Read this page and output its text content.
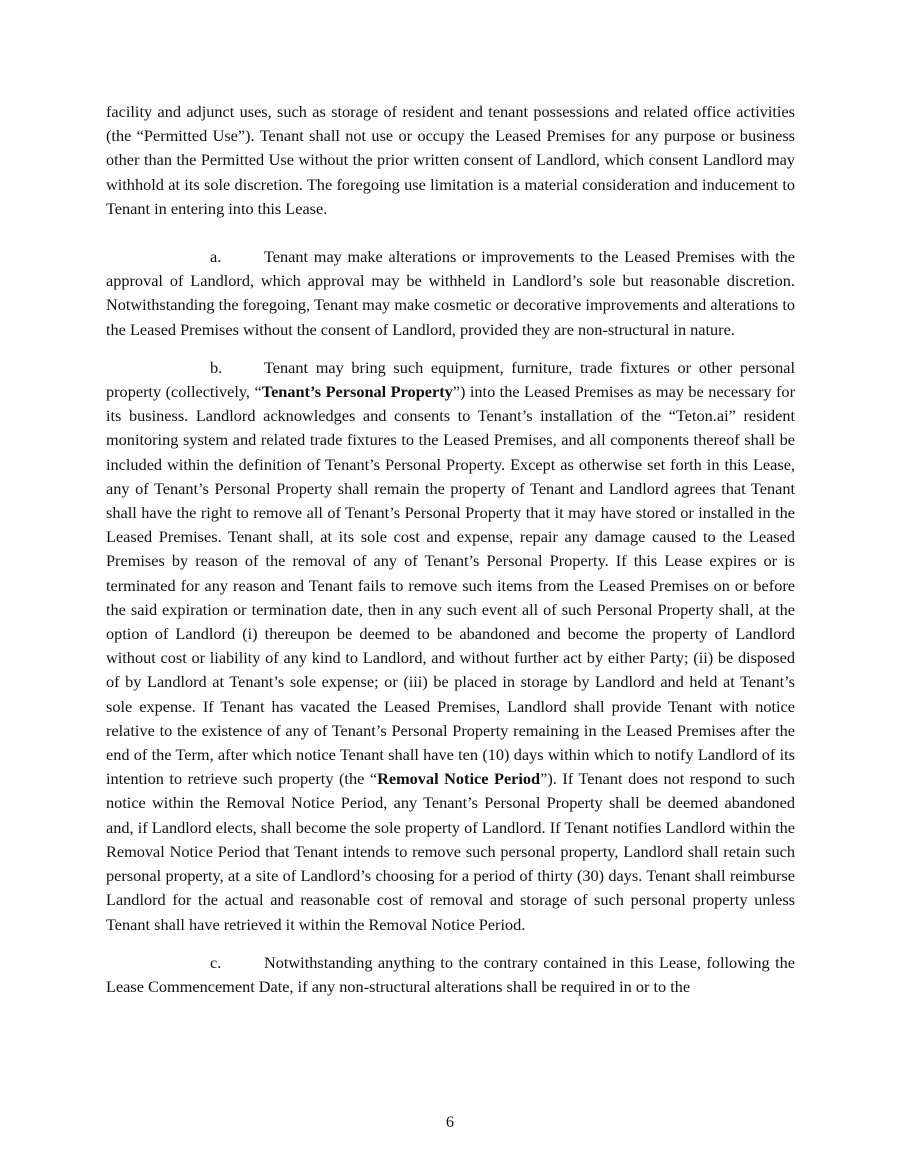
facility and adjunct uses, such as storage of resident and tenant possessions and related office activities (the “Permitted Use”). Tenant shall not use or occupy the Leased Premises for any purpose or business other than the Permitted Use without the prior written consent of Landlord, which consent Landlord may withhold at its sole discretion. The foregoing use limitation is a material consideration and inducement to Tenant in entering into this Lease.

a.	Tenant may make alterations or improvements to the Leased Premises with the approval of Landlord, which approval may be withheld in Landlord’s sole but reasonable discretion. Notwithstanding the foregoing, Tenant may make cosmetic or decorative improvements and alterations to the Leased Premises without the consent of Landlord, provided they are non-structural in nature.

b.	Tenant may bring such equipment, furniture, trade fixtures or other personal property (collectively, “Tenant’s Personal Property”) into the Leased Premises as may be necessary for its business. Landlord acknowledges and consents to Tenant’s installation of the “Teton.ai” resident monitoring system and related trade fixtures to the Leased Premises, and all components thereof shall be included within the definition of Tenant’s Personal Property. Except as otherwise set forth in this Lease, any of Tenant’s Personal Property shall remain the property of Tenant and Landlord agrees that Tenant shall have the right to remove all of Tenant’s Personal Property that it may have stored or installed in the Leased Premises. Tenant shall, at its sole cost and expense, repair any damage caused to the Leased Premises by reason of the removal of any of Tenant’s Personal Property. If this Lease expires or is terminated for any reason and Tenant fails to remove such items from the Leased Premises on or before the said expiration or termination date, then in any such event all of such Personal Property shall, at the option of Landlord (i) thereupon be deemed to be abandoned and become the property of Landlord without cost or liability of any kind to Landlord, and without further act by either Party; (ii) be disposed of by Landlord at Tenant’s sole expense; or (iii) be placed in storage by Landlord and held at Tenant’s sole expense. If Tenant has vacated the Leased Premises, Landlord shall provide Tenant with notice relative to the existence of any of Tenant’s Personal Property remaining in the Leased Premises after the end of the Term, after which notice Tenant shall have ten (10) days within which to notify Landlord of its intention to retrieve such property (the “Removal Notice Period”). If Tenant does not respond to such notice within the Removal Notice Period, any Tenant’s Personal Property shall be deemed abandoned and, if Landlord elects, shall become the sole property of Landlord. If Tenant notifies Landlord within the Removal Notice Period that Tenant intends to remove such personal property, Landlord shall retain such personal property, at a site of Landlord’s choosing for a period of thirty (30) days. Tenant shall reimburse Landlord for the actual and reasonable cost of removal and storage of such personal property unless Tenant shall have retrieved it within the Removal Notice Period.

c.	Notwithstanding anything to the contrary contained in this Lease, following the Lease Commencement Date, if any non-structural alterations shall be required in or to the

6
